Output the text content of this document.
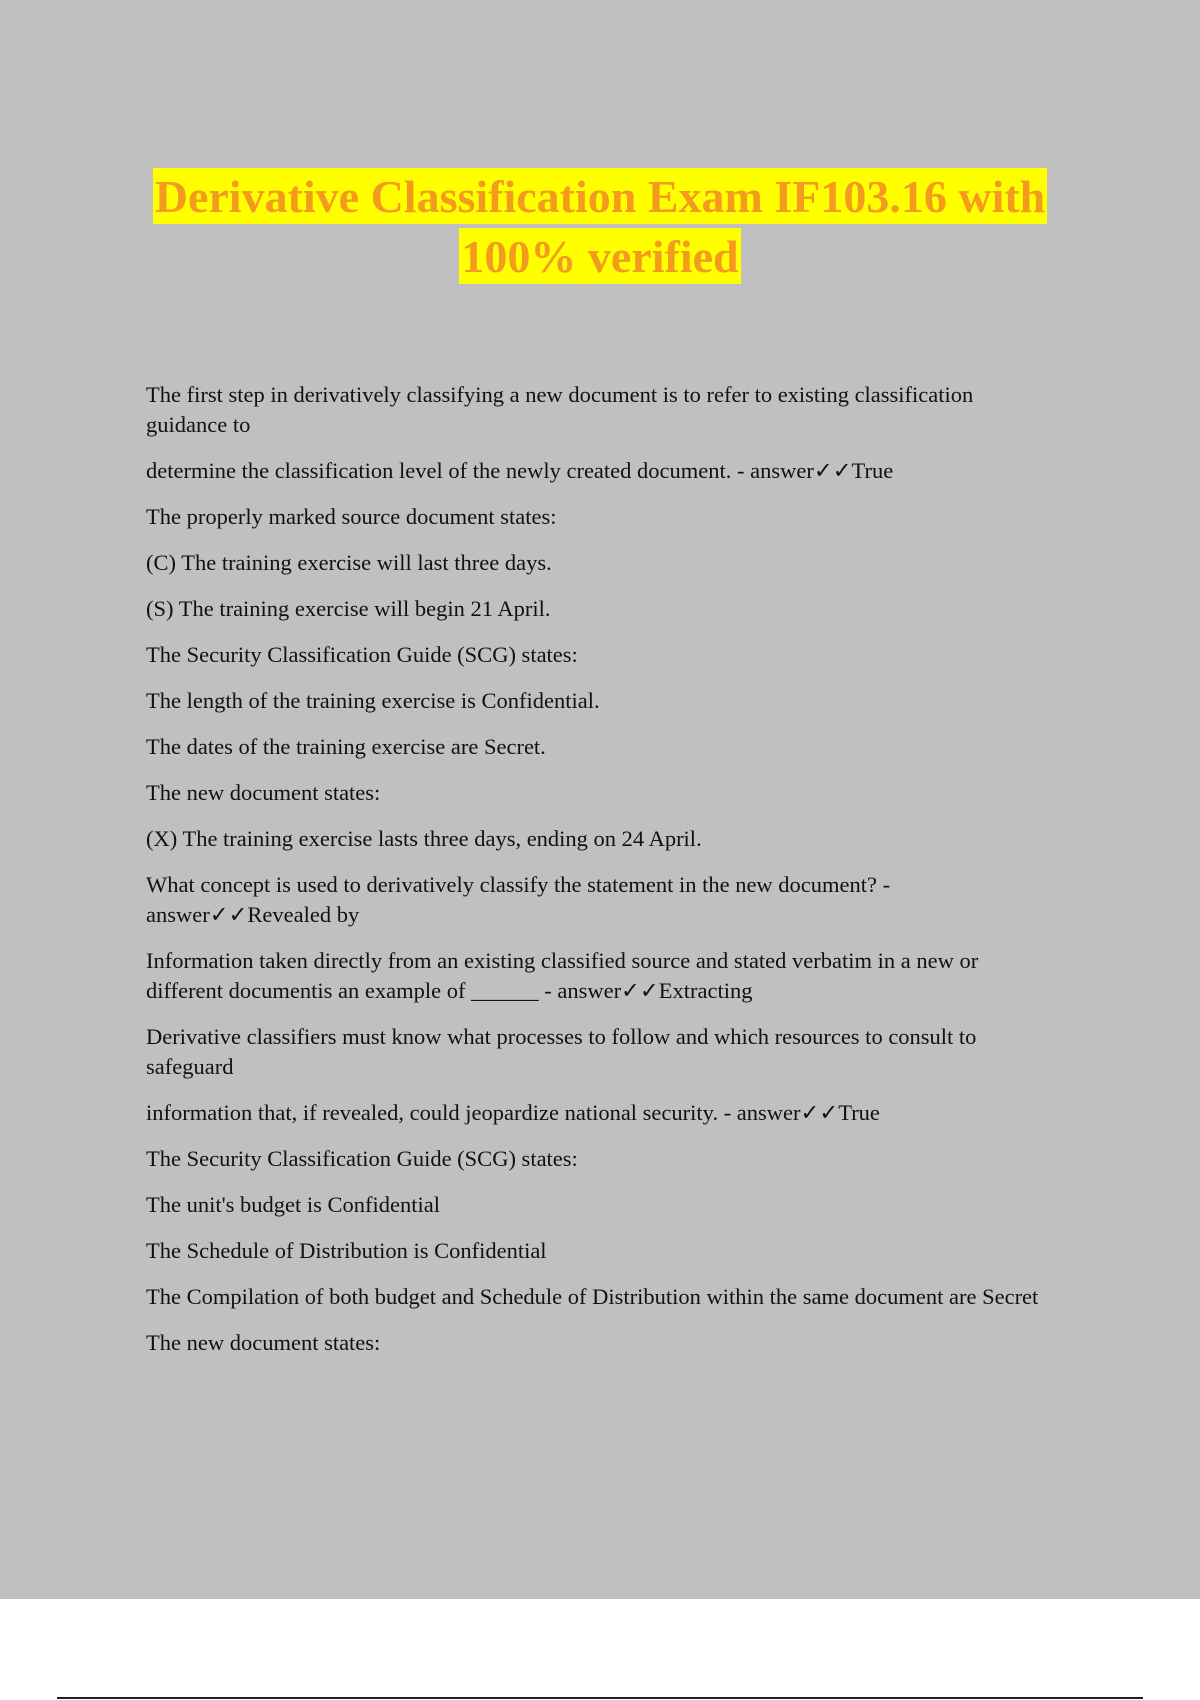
Derivative Classification Exam IF103.16 with
100% verified

The first step in derivatively classifying a new document is to refer to existing classification guidance to

determine the classification level of the newly created document. - answer✓✓True

The properly marked source document states:

(C) The training exercise will last three days.

(S) The training exercise will begin 21 April.

The Security Classification Guide (SCG) states:

The length of the training exercise is Confidential.

The dates of the training exercise are Secret.

The new document states:

(X) The training exercise lasts three days, ending on 24 April.

What concept is used to derivatively classify the statement in the new document? - answer✓✓Revealed by

Information taken directly from an existing classified source and stated verbatim in a new or different documentis an example of ______ - answer✓✓Extracting

Derivative classifiers must know what processes to follow and which resources to consult to safeguard

information that, if revealed, could jeopardize national security. - answer✓✓True

The Security Classification Guide (SCG) states:

The unit's budget is Confidential

The Schedule of Distribution is Confidential

The Compilation of both budget and Schedule of Distribution within the same document are Secret

The new document states:
